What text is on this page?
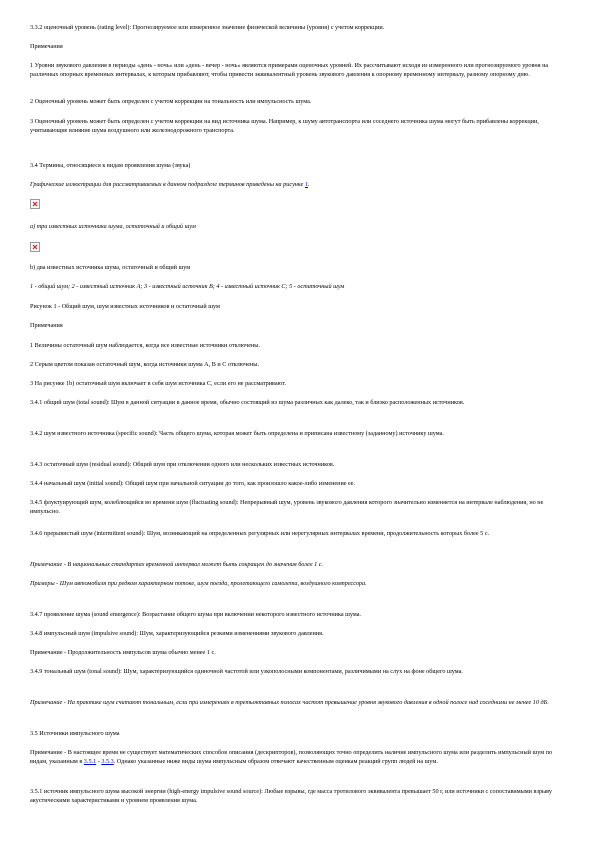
3.3.2 оценочный уровень (rating level): Прогнозируемое или измеренное значение физической величины (уровня) с учетом коррекции.
Примечания
1 Уровни звукового давления в периоды «день - ночь» или «день - вечер - ночь» являются примерами оценочных уровней. Их рассчитывают исходя из измеренного или прогнозируемого уровня на различных опорных временных интервалах, к которым прибавляют, чтобы привести эквивалентный уровень звукового давления к опорному временному интервалу, разному опорному дню.
2 Оценочный уровень может быть определен с учетом коррекции на тональность или импульсность шума.
3 Оценочный уровень может быть определен с учетом коррекции на вид источника шума. Например, к шуму автотранспорта или соседнего источника шума могут быть прибавлены коррекции, учитывающие влияние шума воздушного или железнодорожного транспорта.
3.4 Термины, относящиеся к видам проявления шума (звука)
Графические иллюстрации для рассматриваемых в данном подразделе терминов приведены на рисунке 1.
а) три известных источника шума, остаточный и общий шум
b) два известных источника шума, остаточный и общий шум
1 - общий шум; 2 - известный источник А; 3 - известный источник В; 4 - известный источник С; 5 - остаточный шум
Рисунок 1 - Общий шум, шум известных источников и остаточный шум
Примечания
1 Величины остаточный шум наблюдается, когда все известные источники отключены.
2 Серым цветом показан остаточный шум, когда источники шума А, В и С отключены.
3 На рисунке 1b) остаточный шум включает в себя шум источника С, если его не рассматривают.
3.4.1 общий шум (total sound): Шум в данной ситуации в данное время, обычно состоящий из шума различных как далеко, так и близко расположенных источников.
3.4.2 шум известного источника (specific sound): Часть общего шума, которая может быть определена и приписана известному (заданному) источнику шума.
3.4.3 остаточный шум (residual sound): Общий шум при отключении одного или нескольких известных источников.
3.4.4 начальный шум (initial sound): Общий шум при начальной ситуации до того, как произошло какое-либо изменение ее.
3.4.5 флуктуирующий шум, колеблющийся во времени шум (fluctuating sound): Непрерывный шум, уровень звукового давления которого значительно изменяется на интервале наблюдения, но не импульсно.
3.4.6 прерывистый шум (intermittent sound): Шум, возникающий на определенных регулярных или нерегулярных интервалах времени, продолжительность которых более 5 с.
Примечание - В национальных стандартах временной интервал может быть сокращен до значения более 1 с.
Примеры - Шум автомобиля при редком характерном потоке, шум поезда, пролетающего самолета, воздушного компрессора.
3.4.7 проявление шума (sound emergence): Возрастание общего шума при включении некоторого известного источника шума.
3.4.8 импульсный шум (impulsive sound): Шум, характеризующийся резкими изменениями звукового давления.
Примечание - Продолжительность импульсов шума обычно менее 1 с.
3.4.9 тональный шум (tonal sound): Шум, характеризующийся одиночной частотой или узкополосными компонентами, различимыми на слух на фоне общего шума.
Примечание - На практике шум считают тональным, если при измерениях в третьоктавных полосах частот превышение уровня звукового давления в одной полосе над соседними не менее 10 дБ.
3.5 Источники импульсного шума
Примечание - В настоящее время не существует математических способов описания (дескрипторов), позволяющих точно определить наличие импульсного шума или разделить импульсный шум по видам, указанным в 3.5.1 - 3.5.3. Однако указанные ниже виды шума импульсным образом отвечают качественным оценкам реакций групп людей на шум.
3.5.1 источник импульсного шума высокой энергии (high-energy impulsive sound source): Любые взрывы, где масса тротилового эквивалента превышает 50 г, или источники с сопоставимыми взрыву акустическими характеристиками и уровнем проявления шума.
